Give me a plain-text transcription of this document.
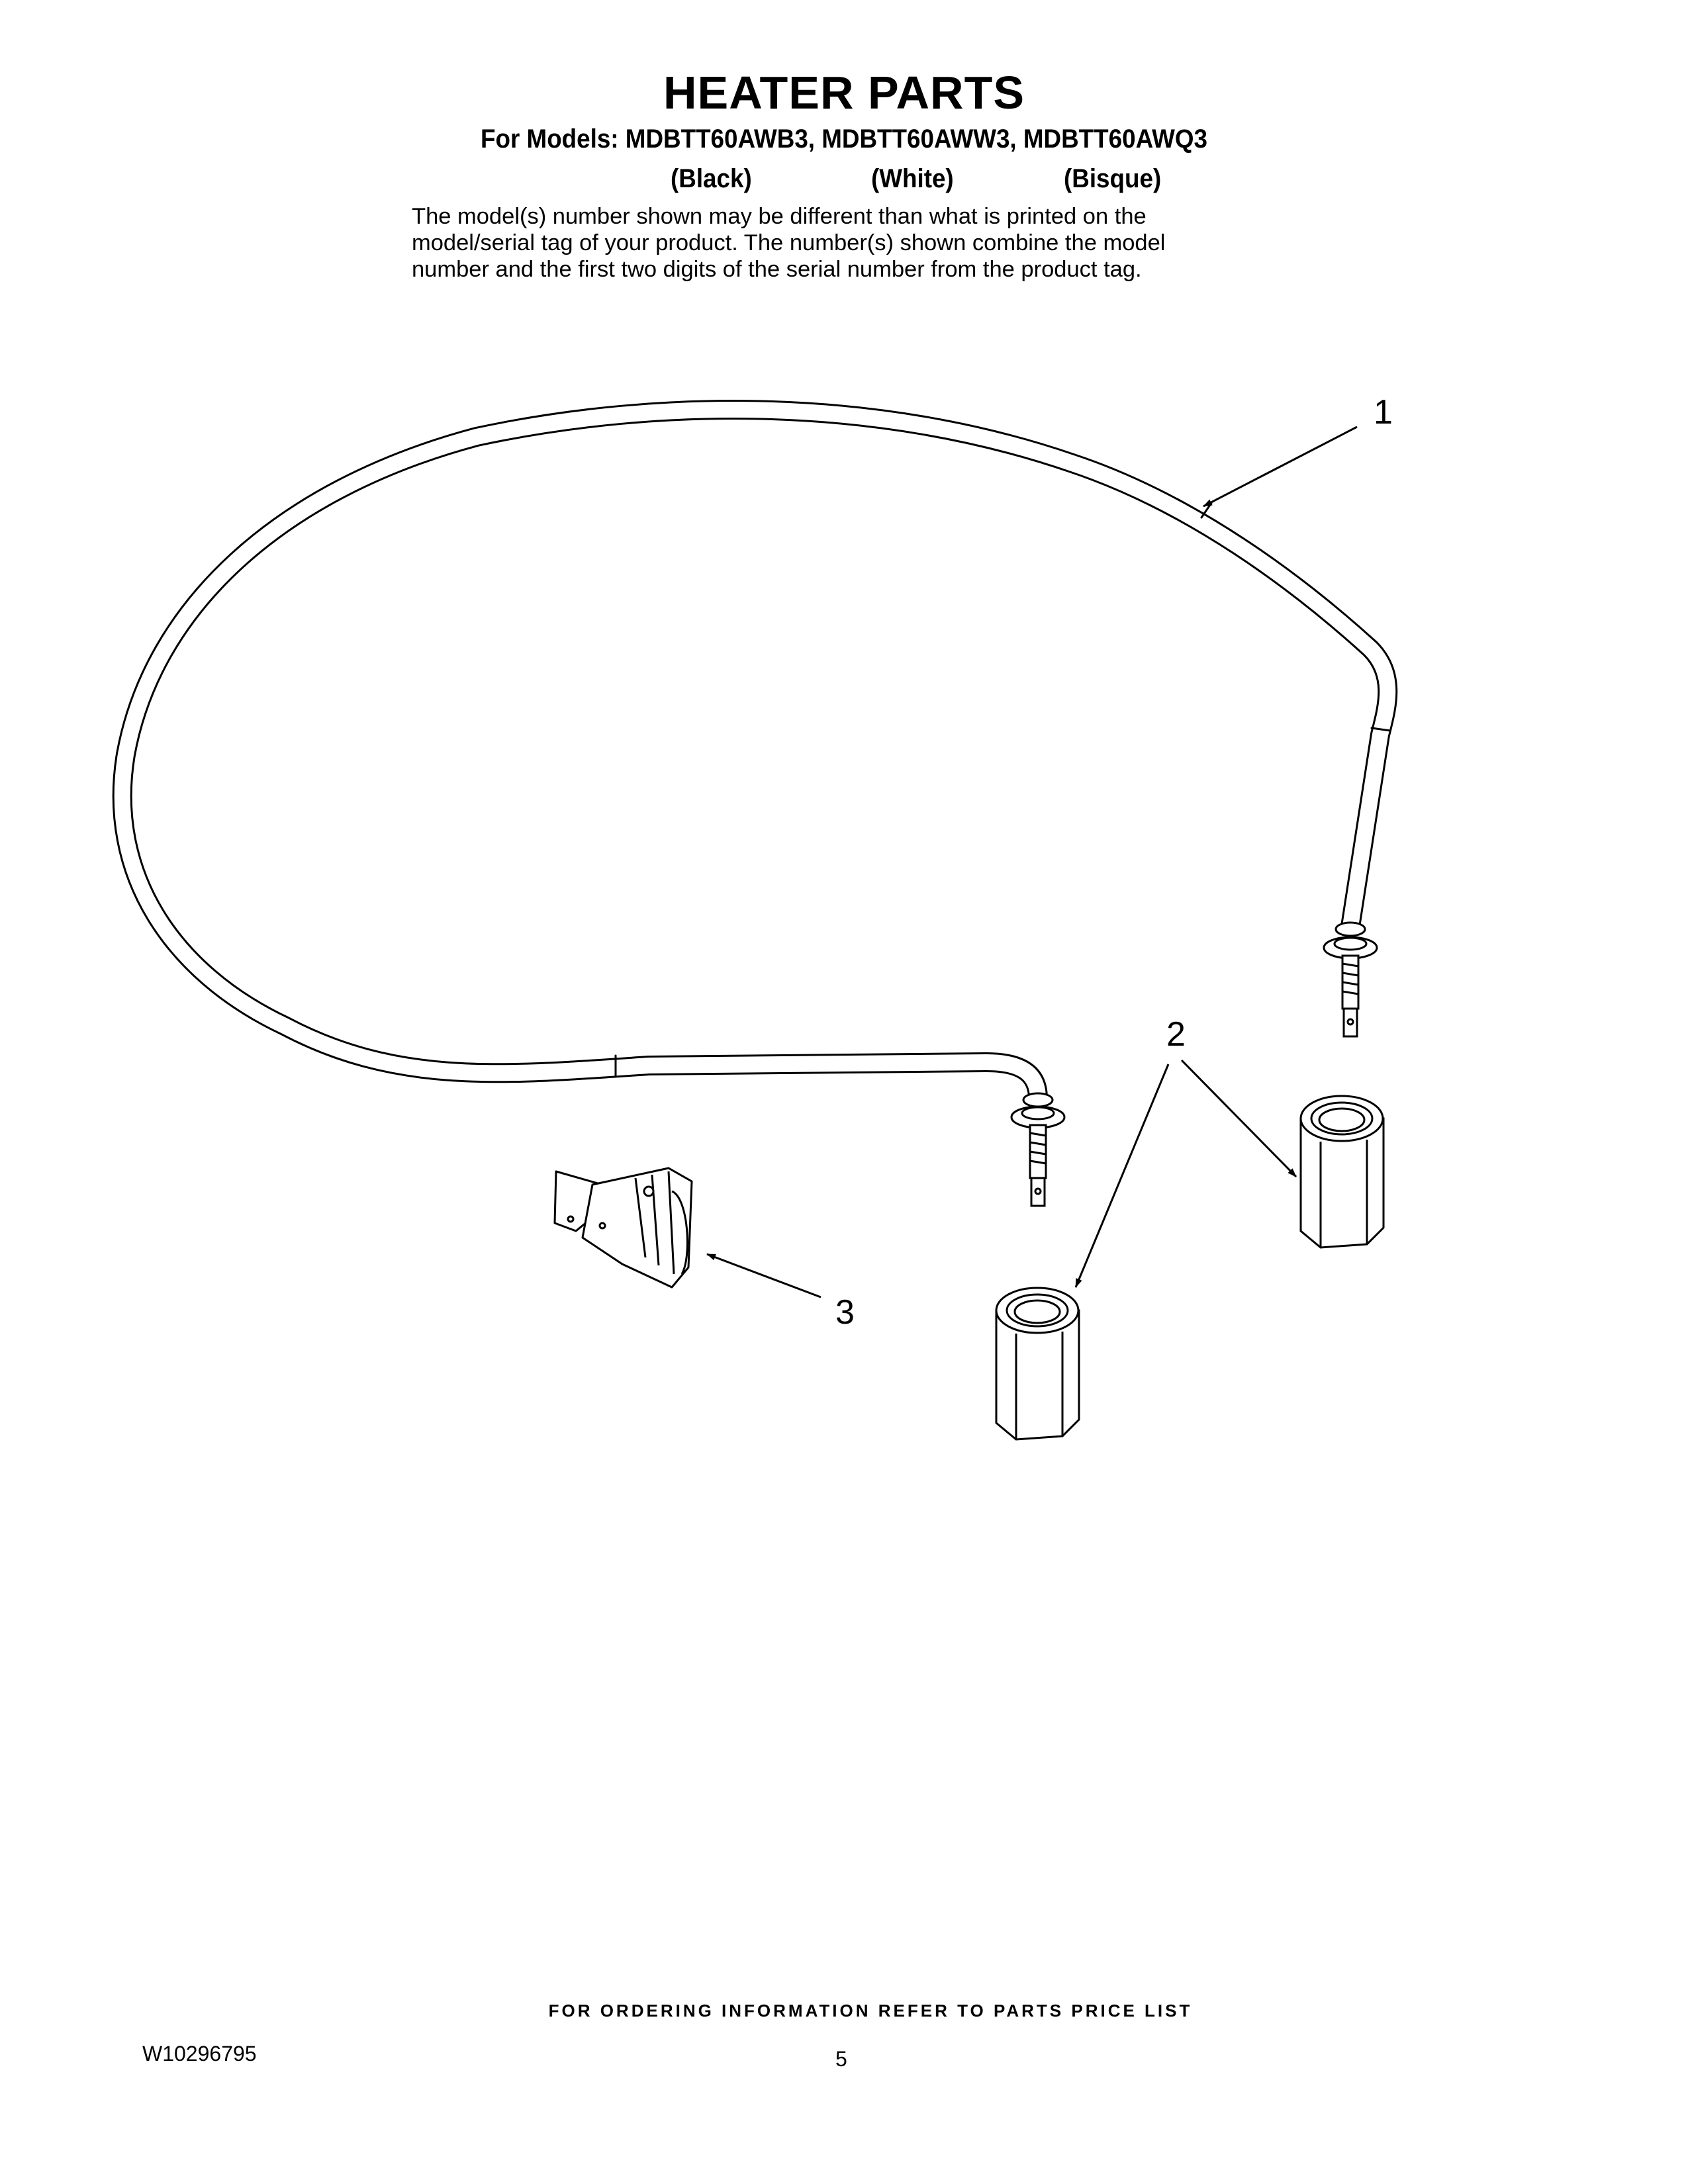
HEATER PARTS
For Models: MDBTT60AWB3, MDBTT60AWW3, MDBTT60AWQ3
(Black)	(White)	(Bisque)
The model(s) number shown may be different than what is printed on the
model/serial tag of your product. The number(s) shown combine the model
number and the first two digits of the serial number from the product tag.
1
2
3
FOR ORDERING INFORMATION REFER TO PARTS PRICE LIST
W10296795	5
